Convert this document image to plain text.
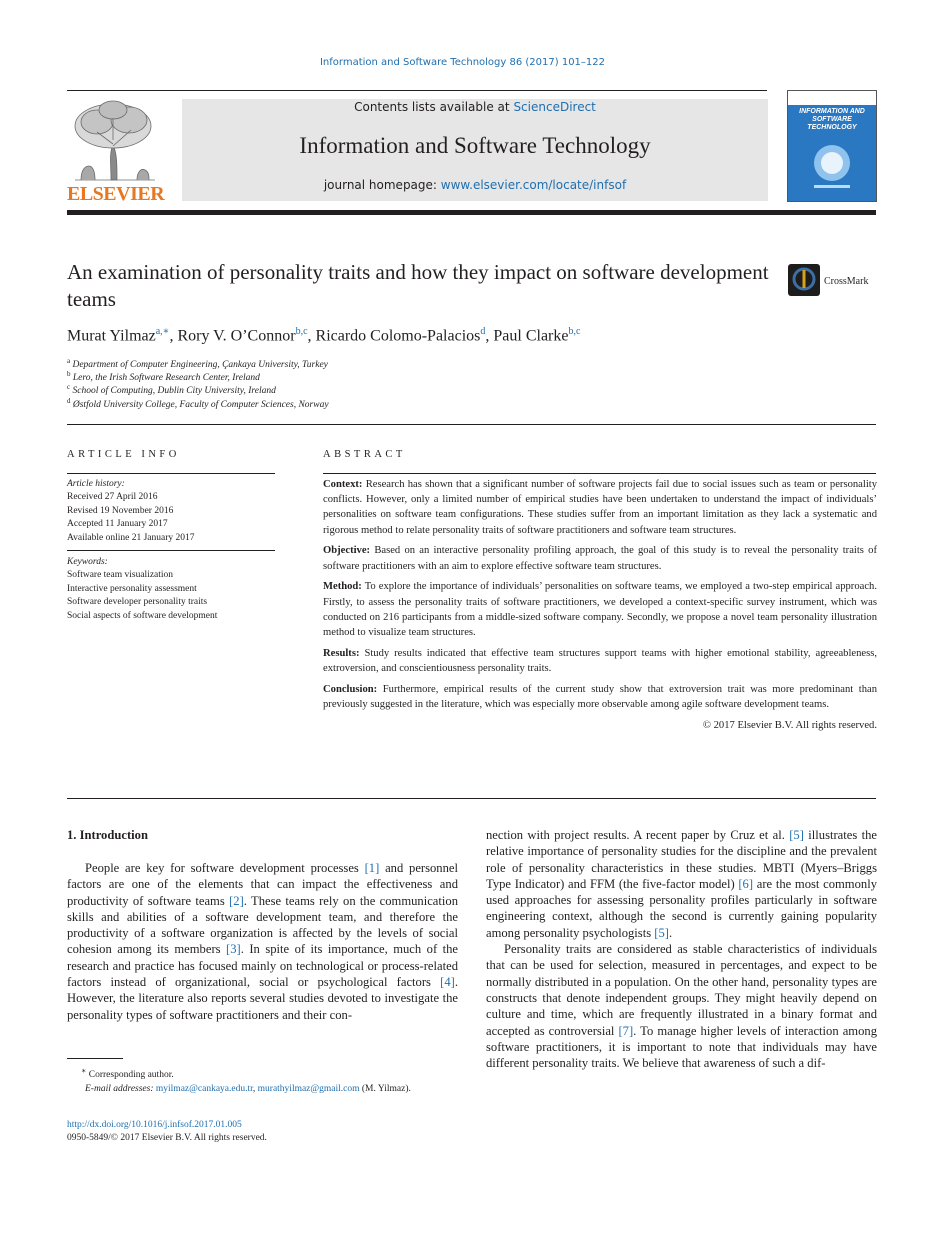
Information and Software Technology 86 (2017) 101–122
ELSEVIER
Contents lists available at ScienceDirect
Information and Software Technology
journal homepage: www.elsevier.com/locate/infsof
INFORMATION AND SOFTWARE TECHNOLOGY
An examination of personality traits and how they impact on software development teams
CrossMark
Murat Yilmaz$^{a,∗}$, Rory V. O’Connor$^{b,c}$, Ricardo Colomo-Palacios$^d$, Paul Clarke$^{b,c}$
$^a$ Department of Computer Engineering, Çankaya University, Turkey
$^b$ Lero, the Irish Software Research Center, Ireland
$^c$ School of Computing, Dublin City University, Ireland
$^d$ Østfold University College, Faculty of Computer Sciences, Norway
ARTICLE INFO
Article history:
Received 27 April 2016
Revised 19 November 2016
Accepted 11 January 2017
Available online 21 January 2017
Keywords:
Software team visualization
Interactive personality assessment
Software developer personality traits
Social aspects of software development
ABSTRACT

Context: Research has shown that a significant number of software projects fail due to social issues such as team or personality conflicts. However, only a limited number of empirical studies have been undertaken to understand the impact of individuals’ personalities on software team configurations. These studies suffer from an important limitation as they lack a systematic and rigorous method to relate personality traits of software practitioners and software team structures.

Objective: Based on an interactive personality profiling approach, the goal of this study is to reveal the personality traits of software practitioners with an aim to explore effective software team structures.

Method: To explore the importance of individuals’ personalities on software teams, we employed a two-step empirical approach. Firstly, to assess the personality traits of software practitioners, we developed a context-specific survey instrument, which was conducted on 216 participants from a middle-sized software company. Secondly, we propose a novel team personality illustration method to visualize team structures.

Results: Study results indicated that effective team structures support teams with higher emotional stability, agreeableness, extroversion, and conscientiousness personality traits.

Conclusion: Furthermore, empirical results of the current study show that extroversion trait was more predominant than previously suggested in the literature, which was especially more observable among agile software development teams.

© 2017 Elsevier B.V. All rights reserved.
1. Introduction

People are key for software development processes [1] and personnel factors are one of the elements that can impact the effectiveness and productivity of software teams [2]. These teams rely on the communication skills and abilities of a software development team, and therefore the productivity of a software organization is affected by the levels of social cohesion among its members [3]. In spite of its importance, much of the research and practice has focused mainly on technological or process-related factors instead of organizational, social or psychological factors [4]. However, the literature also reports several studies devoted to investigate the personality types of software practitioners and their con-

nection with project results. A recent paper by Cruz et al. [5] illustrates the relative importance of personality studies for the discipline and the prevalent role of personality characteristics in these studies. MBTI (Myers–Briggs Type Indicator) and FFM (the five-factor model) [6] are the most commonly used approaches for assessing personality profiles particularly in software engineering context, although the second is currently gaining popularity among personality psychologists [5].

Personality traits are considered as stable characteristics of individuals that can be used for selection, measured in percentages, and expect to be normally distributed in a population. On the other hand, personality types are constructs that denote independent groups. They might heavily depend on culture and time, which are frequently illustrated in a binary format and accepted as controversial [7]. To manage higher levels of interaction among software practitioners, it is important to note that individuals may have different personality traits. We believe that awareness of such a dif-

∗ Corresponding author.
E-mail addresses: myilmaz@cankaya.edu.tr, murathyilmaz@gmail.com (M. Yilmaz).
http://dx.doi.org/10.1016/j.infsof.2017.01.005
0950-5849/© 2017 Elsevier B.V. All rights reserved.
